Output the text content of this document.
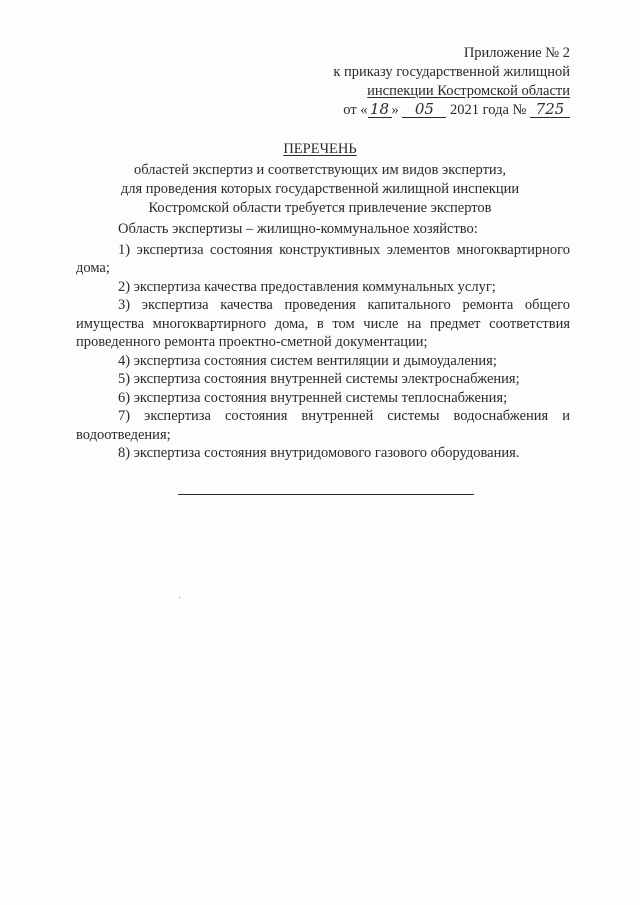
Приложение № 2
к приказу государственной жилищной
инспекции Костромской области
от « 18 » 05 2021 года № 725
ПЕРЕЧЕНЬ
областей экспертиз и соответствующих им видов экспертиз,
для проведения которых государственной жилищной инспекции
Костромской области требуется привлечение экспертов

Область экспертизы – жилищно-коммунальное хозяйство:

1) экспертиза состояния конструктивных элементов многоквартирного дома;

2) экспертиза качества предоставления коммунальных услуг;

3) экспертиза качества проведения капитального ремонта общего имущества многоквартирного дома, в том числе на предмет соответствия проведенного ремонта проектно-сметной документации;

4) экспертиза состояния систем вентиляции и дымоудаления;

5) экспертиза состояния внутренней системы электроснабжения;

6) экспертиза состояния внутренней системы теплоснабжения;

7) экспертиза состояния внутренней системы водоснабжения и водоотведения;

8) экспертиза состояния внутридомового газового оборудования.
